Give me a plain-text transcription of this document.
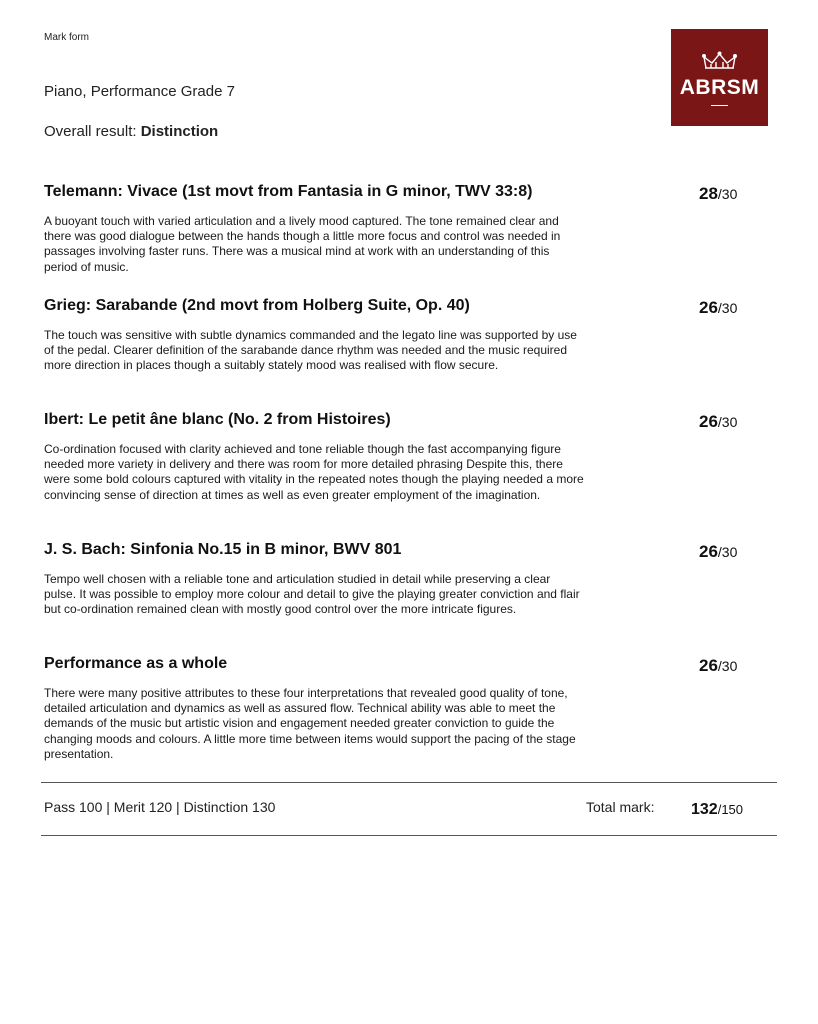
Mark form
Piano, Performance Grade 7
Overall result: Distinction
ABRSM
Telemann: Vivace (1st movt from Fantasia in G minor, TWV 33:8)
A buoyant touch with varied articulation and a lively mood captured. The tone remained clear and there was good dialogue between the hands though a little more focus and control was needed in passages involving faster runs. There was a musical mind at work with an understanding of this period of music.
28/30
Grieg: Sarabande (2nd movt from Holberg Suite, Op. 40)
The touch was sensitive with subtle dynamics commanded and the legato line was supported by use of the pedal. Clearer definition of the sarabande dance rhythm was needed and the music required more direction in places though a suitably stately mood was realised with flow secure.
26/30
Ibert: Le petit âne blanc (No. 2 from Histoires)
Co-ordination focused with clarity achieved and tone reliable though the fast accompanying figure needed more variety in delivery and there was room for more detailed phrasing Despite this, there were some bold colours captured with vitality in the repeated notes though the playing needed a more convincing sense of direction at times as well as even greater employment of the imagination.
26/30
J. S. Bach: Sinfonia No.15 in B minor, BWV 801
Tempo well chosen with a reliable tone and articulation studied in detail while preserving a clear pulse. It was possible to employ more colour and detail to give the playing greater conviction and flair but co-ordination remained clean with mostly good control over the more intricate figures.
26/30
Performance as a whole
There were many positive attributes to these four interpretations that revealed good quality of tone, detailed articulation and dynamics as well as assured flow. Technical ability was able to meet the demands of the music but artistic vision and engagement needed greater conviction to guide the changing moods and colours. A little more time between items would support the pacing of the stage presentation.
26/30
Pass 100 | Merit 120 | Distinction 130	Total mark: 132/150
